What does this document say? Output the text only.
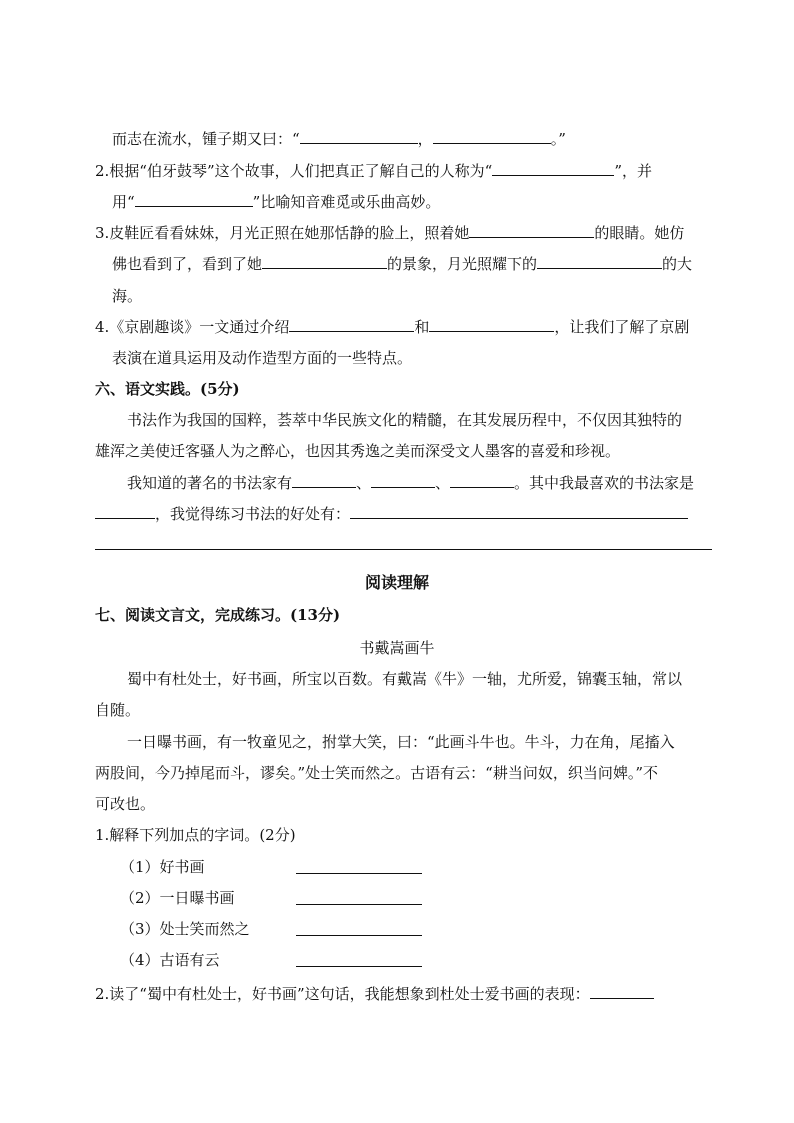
而志在流水，锺子期又曰：“	，	。”
2.根据“伯牙鼓琴”这个故事，人们把真正了解自己的人称为“	”，并
用“	”比喻知音难觅或乐曲高妙。
3.皮鞋匠看看妹妹，月光正照在她那恬静的脸上，照着她	的眼睛。她仿
佛也看到了，看到了她	的景象，月光照耀下的	的大
海。
4.《京剧趣谈》一文通过介绍	和	，让我们了解了京剧
表演在道具运用及动作造型方面的一些特点。
六、语文实践。(5分)
书法作为我国的国粹，荟萃中华民族文化的精髓，在其发展历程中，不仅因其独特的
雄浑之美使迁客骚人为之醉心，也因其秀逸之美而深受文人墨客的喜爱和珍视。
我知道的著名的书法家有	、	、	。其中我最喜欢的书法家是
，我觉得练习书法的好处有：
阅读理解
七、阅读文言文，完成练习。(13分)
书戴嵩画牛
蜀中有杜处士，好书画，所宝以百数。有戴嵩《牛》一轴，尤所爱，锦囊玉轴，常以
自随。
一日曝书画，有一牧童见之，拊掌大笑，曰：“此画斗牛也。牛斗，力在角，尾搐入
两股间，今乃掉尾而斗，谬矣。”处士笑而然之。古语有云：“耕当问奴，织当问婢。”不
可改也。
1.解释下列加点的字词。(2分)
（1）好书画
（2）一日曝书画
（3）处士笑而然之
（4）古语有云
2.读了“蜀中有杜处士，好书画”这句话，我能想象到杜处士爱书画的表现：
